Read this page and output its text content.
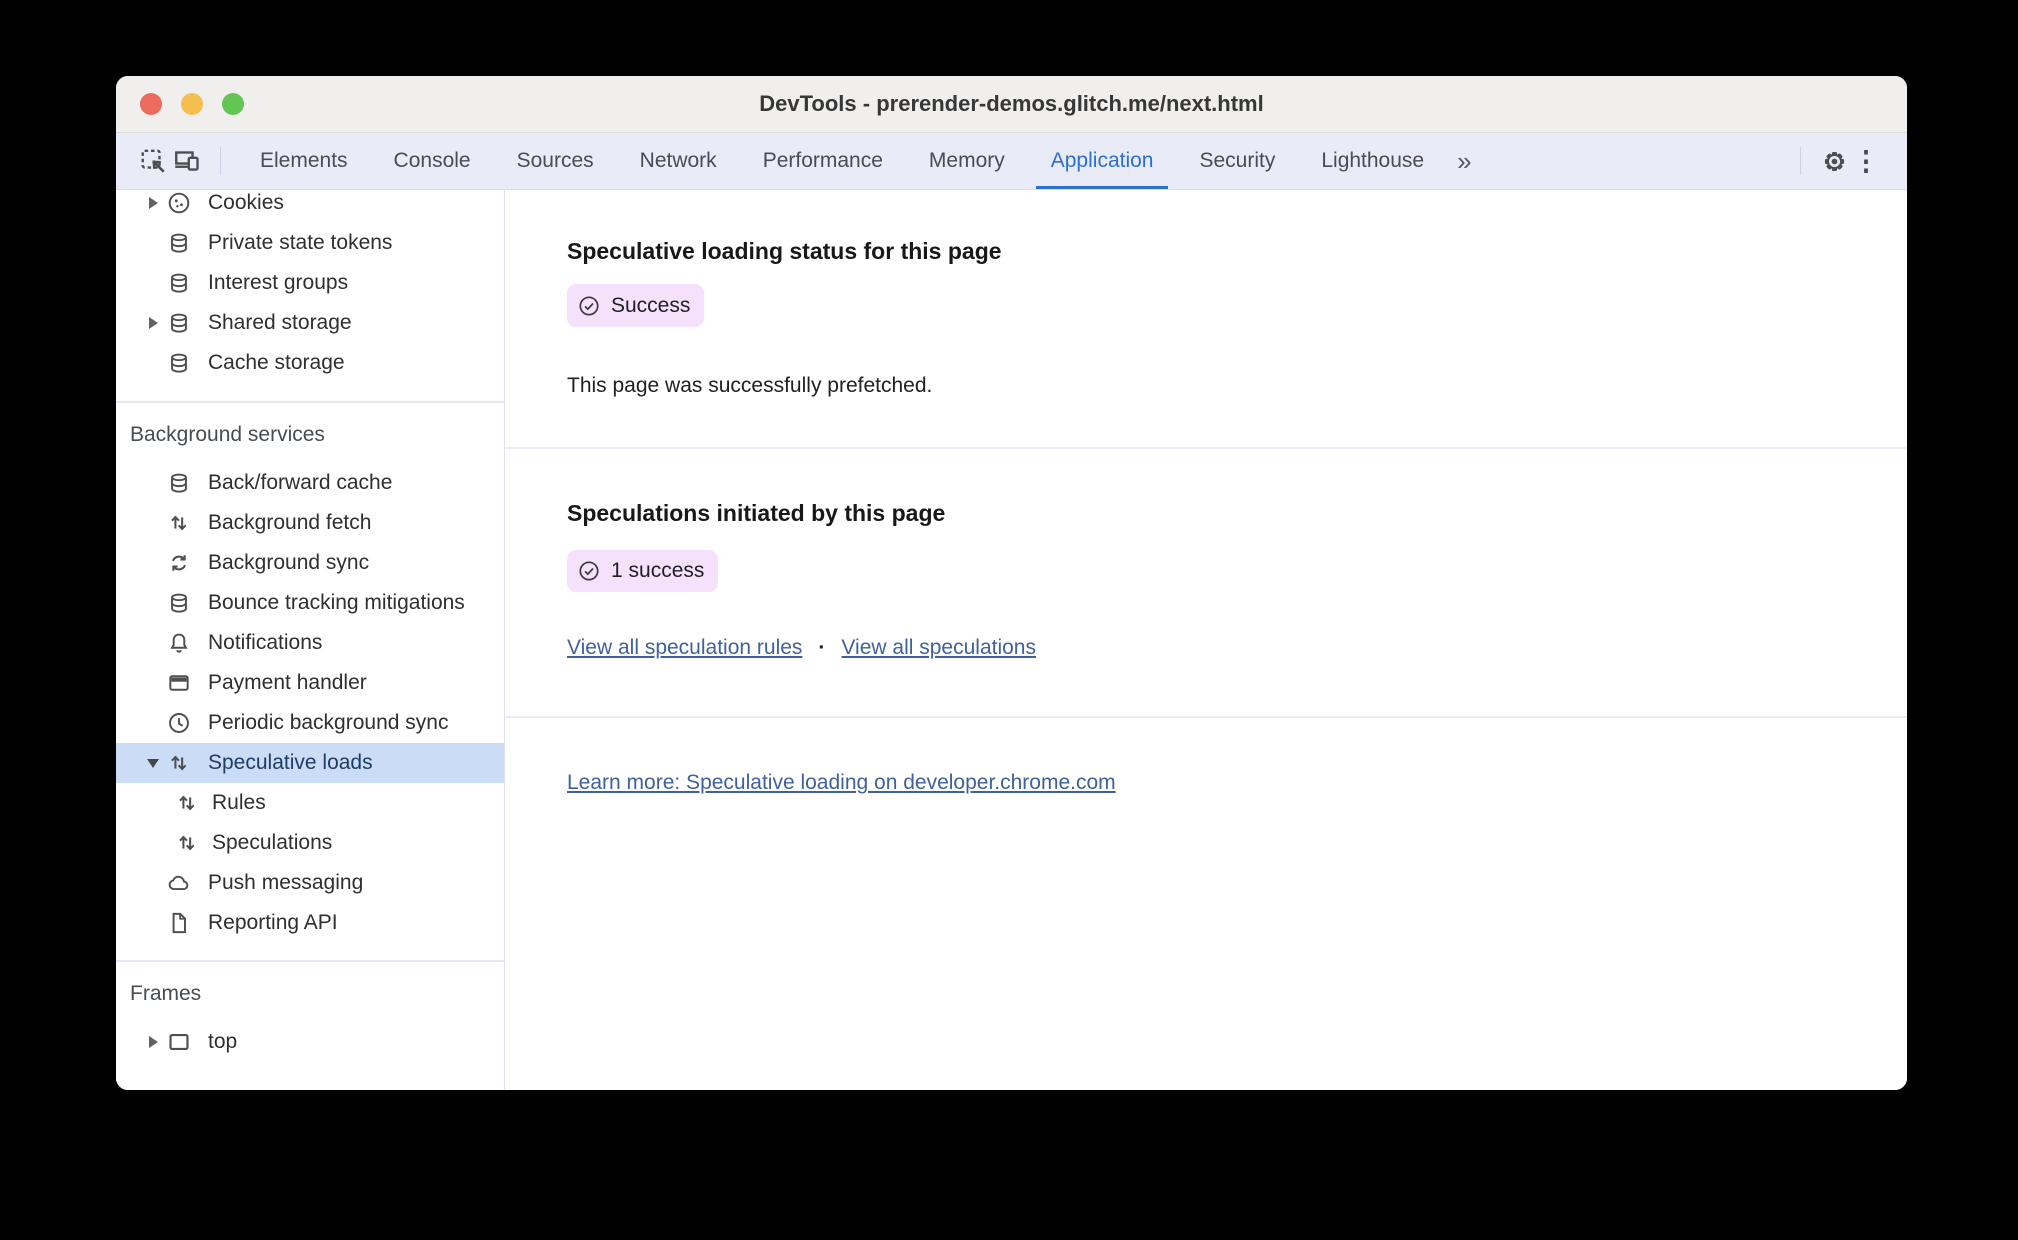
DevTools - prerender-demos.glitch.me/next.html
Elements	Console	Sources	Network	Performance	Memory	Application	Security	Lighthouse	»	⋮
Cookies
Private state tokens
Interest groups
Shared storage
Cache storage
Background services
Back/forward cache
Background fetch
Background sync
Bounce tracking mitigations
Notifications
Payment handler
Periodic background sync
Speculative loads
Rules
Speculations
Push messaging
Reporting API
Frames
top
Speculative loading status for this page
Success
This page was successfully prefetched.
Speculations initiated by this page
1 success
View all speculation rules · View all speculations
Learn more: Speculative loading on developer.chrome.com
